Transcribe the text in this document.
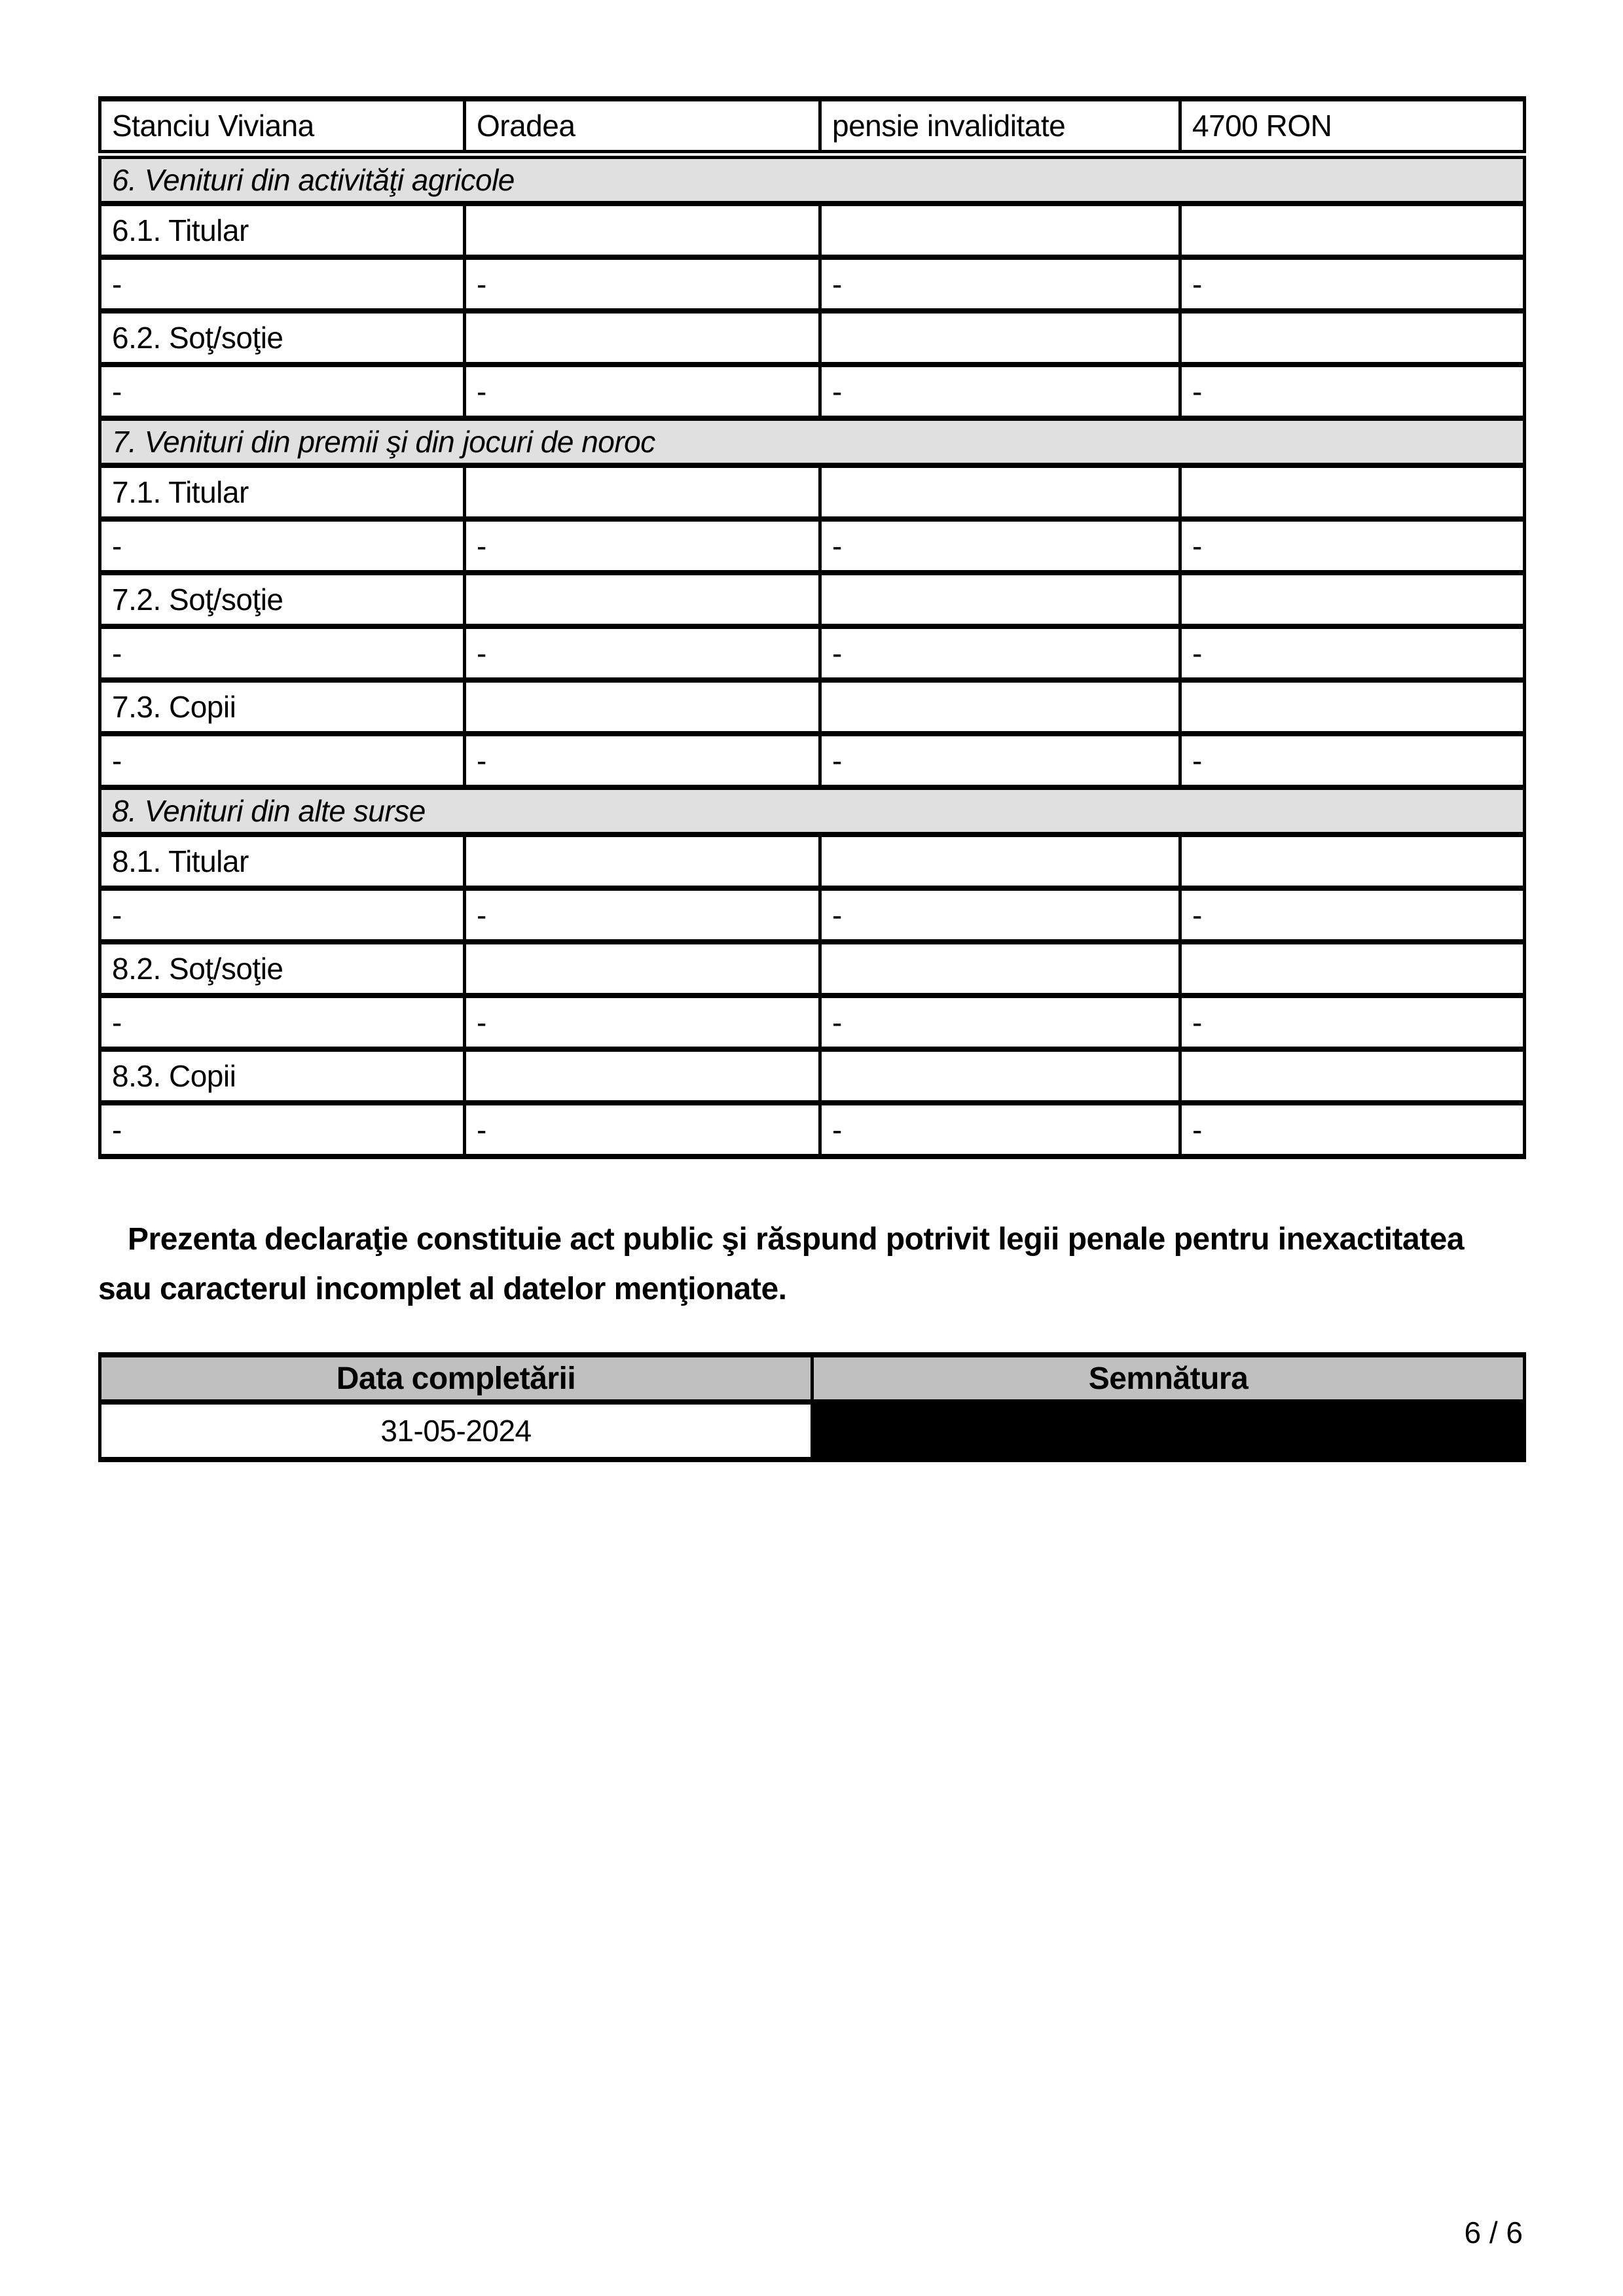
Stanciu Viviana	Oradea	pensie invaliditate	4700 RON
6. Venituri din activităţi agricole			
6.1. Titular			
-	-	-	-
6.2. Soţ/soţie			
-	-	-	-
7. Venituri din premii şi din jocuri de noroc			
7.1. Titular			
-	-	-	-
7.2. Soţ/soţie			
-	-	-	-
7.3. Copii			
-	-	-	-
8. Venituri din alte surse			
8.1. Titular			
-	-	-	-
8.2. Soţ/soţie			
-	-	-	-
8.3. Copii			
-	-	-	-

Prezenta declaraţie constituie act public şi răspund potrivit legii penale pentru inexactitatea sau caracterul incomplet al datelor menţionate.

Data completării	Semnătura
31-05-2024	
6 / 6
